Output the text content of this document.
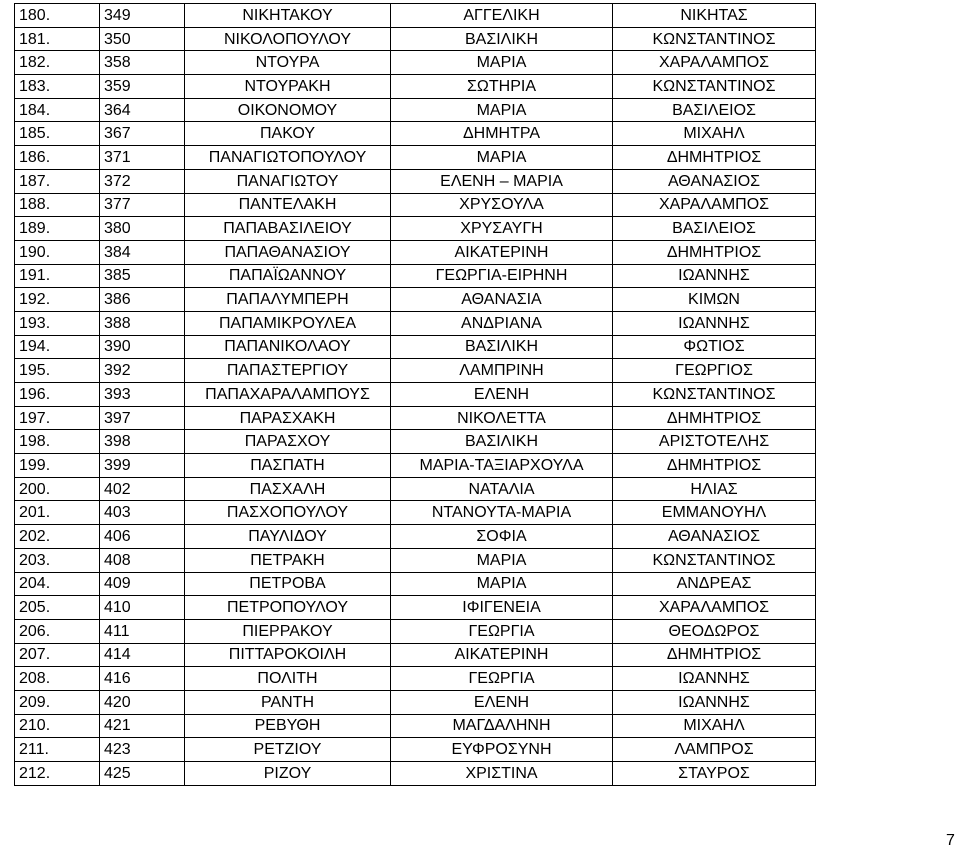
180.	349	ΝΙΚΗΤΑΚΟΥ	ΑΓΓΕΛΙΚΗ	ΝΙΚΗΤΑΣ
181.	350	ΝΙΚΟΛΟΠΟΥΛΟΥ	ΒΑΣΙΛΙΚΗ	ΚΩΝΣΤΑΝΤΙΝΟΣ
182.	358	ΝΤΟΥΡΑ	ΜΑΡΙΑ	ΧΑΡΑΛΑΜΠΟΣ
183.	359	ΝΤΟΥΡΑΚΗ	ΣΩΤΗΡΙΑ	ΚΩΝΣΤΑΝΤΙΝΟΣ
184.	364	ΟΙΚΟΝΟΜΟΥ	ΜΑΡΙΑ	ΒΑΣΙΛΕΙΟΣ
185.	367	ΠΑΚΟΥ	ΔΗΜΗΤΡΑ	ΜΙΧΑΗΛ
186.	371	ΠΑΝΑΓΙΩΤΟΠΟΥΛΟΥ	ΜΑΡΙΑ	ΔΗΜΗΤΡΙΟΣ
187.	372	ΠΑΝΑΓΙΩΤΟΥ	ΕΛΕΝΗ – ΜΑΡΙΑ	ΑΘΑΝΑΣΙΟΣ
188.	377	ΠΑΝΤΕΛΑΚΗ	ΧΡΥΣΟΥΛΑ	ΧΑΡΑΛΑΜΠΟΣ
189.	380	ΠΑΠΑΒΑΣΙΛΕΙΟΥ	ΧΡΥΣΑΥΓΗ	ΒΑΣΙΛΕΙΟΣ
190.	384	ΠΑΠΑΘΑΝΑΣΙΟΥ	ΑΙΚΑΤΕΡΙΝΗ	ΔΗΜΗΤΡΙΟΣ
191.	385	ΠΑΠΑΪΩΑΝΝΟΥ	ΓΕΩΡΓΙΑ-ΕΙΡΗΝΗ	ΙΩΑΝΝΗΣ
192.	386	ΠΑΠΑΛΥΜΠΕΡΗ	ΑΘΑΝΑΣΙΑ	ΚΙΜΩΝ
193.	388	ΠΑΠΑΜΙΚΡΟΥΛΕΑ	ΑΝΔΡΙΑΝΑ	ΙΩΑΝΝΗΣ
194.	390	ΠΑΠΑΝΙΚΟΛΑΟΥ	ΒΑΣΙΛΙΚΗ	ΦΩΤΙΟΣ
195.	392	ΠΑΠΑΣΤΕΡΓΙΟΥ	ΛΑΜΠΡΙΝΗ	ΓΕΩΡΓΙΟΣ
196.	393	ΠΑΠΑΧΑΡΑΛΑΜΠΟΥΣ	ΕΛΕΝΗ	ΚΩΝΣΤΑΝΤΙΝΟΣ
197.	397	ΠΑΡΑΣΧΑΚΗ	ΝΙΚΟΛΕΤΤΑ	ΔΗΜΗΤΡΙΟΣ
198.	398	ΠΑΡΑΣΧΟΥ	ΒΑΣΙΛΙΚΗ	ΑΡΙΣΤΟΤΕΛΗΣ
199.	399	ΠΑΣΠΑΤΗ	ΜΑΡΙΑ-ΤΑΞΙΑΡΧΟΥΛΑ	ΔΗΜΗΤΡΙΟΣ
200.	402	ΠΑΣΧΑΛΗ	ΝΑΤΑΛΙΑ	ΗΛΙΑΣ
201.	403	ΠΑΣΧΟΠΟΥΛΟΥ	ΝΤΑΝΟΥΤΑ-ΜΑΡΙΑ	ΕΜΜΑΝΟΥΗΛ
202.	406	ΠΑΥΛΙΔΟΥ	ΣΟΦΙΑ	ΑΘΑΝΑΣΙΟΣ
203.	408	ΠΕΤΡΑΚΗ	ΜΑΡΙΑ	ΚΩΝΣΤΑΝΤΙΝΟΣ
204.	409	ΠΕΤΡΟΒΑ	ΜΑΡΙΑ	ΑΝΔΡΕΑΣ
205.	410	ΠΕΤΡΟΠΟΥΛΟΥ	ΙΦΙΓΕΝΕΙΑ	ΧΑΡΑΛΑΜΠΟΣ
206.	411	ΠΙΕΡΡΑΚΟΥ	ΓΕΩΡΓΙΑ	ΘΕΟΔΩΡΟΣ
207.	414	ΠΙΤΤΑΡΟΚΟΙΛΗ	ΑΙΚΑΤΕΡΙΝΗ	ΔΗΜΗΤΡΙΟΣ
208.	416	ΠΟΛΙΤΗ	ΓΕΩΡΓΙΑ	ΙΩΑΝΝΗΣ
209.	420	ΡΑΝΤΗ	ΕΛΕΝΗ	ΙΩΑΝΝΗΣ
210.	421	ΡΕΒΥΘΗ	ΜΑΓΔΑΛΗΝΗ	ΜΙΧΑΗΛ
211.	423	ΡΕΤΖΙΟΥ	ΕΥΦΡΟΣΥΝΗ	ΛΑΜΠΡΟΣ
212.	425	ΡΙΖΟΥ	ΧΡΙΣΤΙΝΑ	ΣΤΑΥΡΟΣ
7
